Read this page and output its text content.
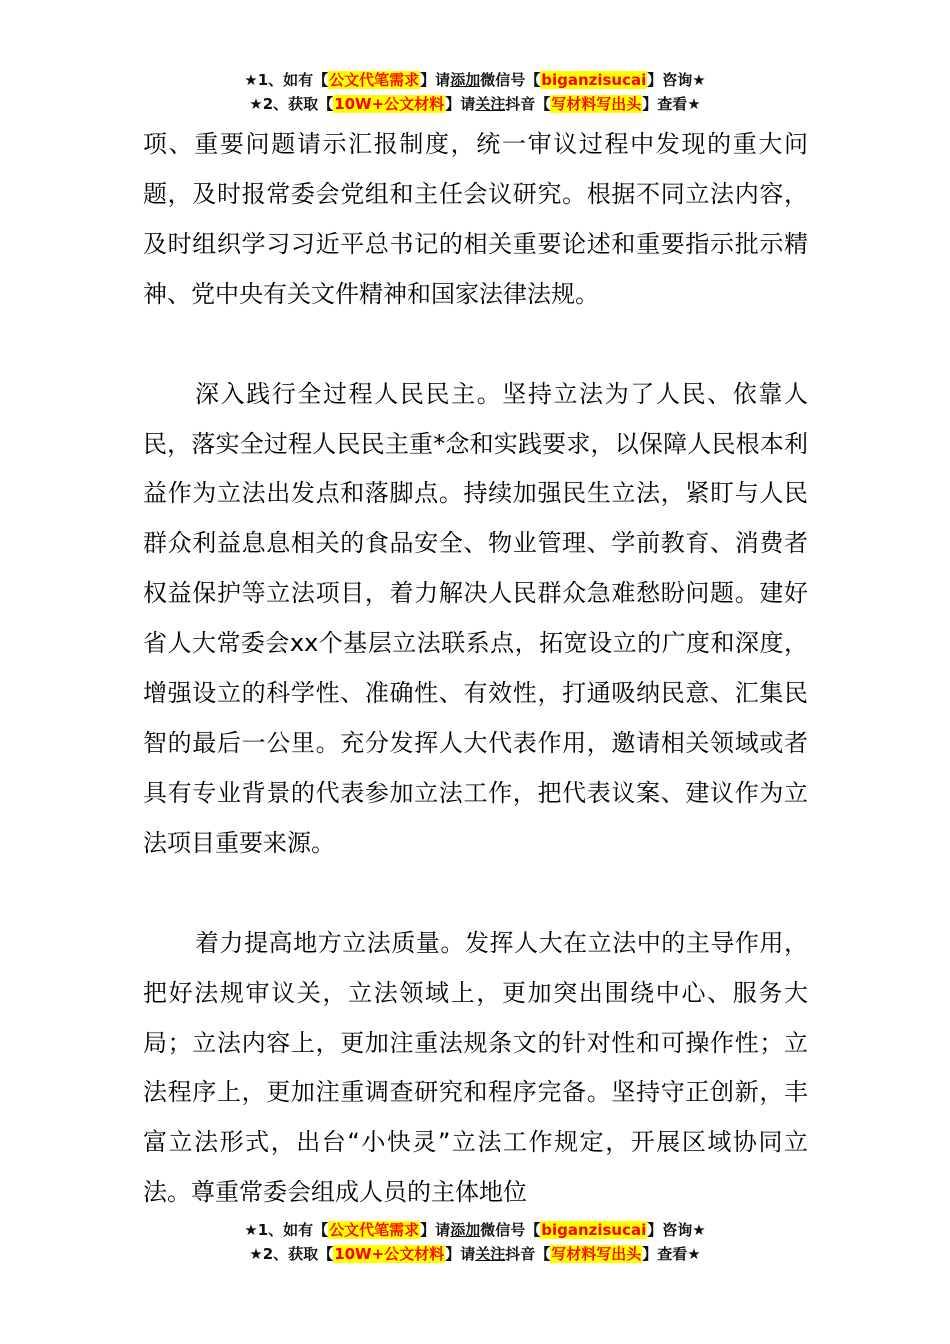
★1、如有【公文代笔需求】请添加微信号【biganzisucai】咨询★
★2、获取【10W+公文材料】请关注抖音【写材料写出头】查看★

项、重要问题请示汇报制度，统一审议过程中发现的重大问题，及时报常委会党组和主任会议研究。根据不同立法内容，及时组织学习习近平总书记的相关重要论述和重要指示批示精神、党中央有关文件精神和国家法律法规。

深入践行全过程人民民主。坚持立法为了人民、依靠人民，落实全过程人民民主重*念和实践要求，以保障人民根本利益作为立法出发点和落脚点。持续加强民生立法，紧盯与人民群众利益息息相关的食品安全、物业管理、学前教育、消费者权益保护等立法项目，着力解决人民群众急难愁盼问题。建好省人大常委会xx个基层立法联系点，拓宽设立的广度和深度，增强设立的科学性、准确性、有效性，打通吸纳民意、汇集民智的最后一公里。充分发挥人大代表作用，邀请相关领域或者具有专业背景的代表参加立法工作，把代表议案、建议作为立法项目重要来源。

着力提高地方立法质量。发挥人大在立法中的主导作用，把好法规审议关，立法领域上，更加突出围绕中心、服务大局；立法内容上，更加注重法规条文的针对性和可操作性；立法程序上，更加注重调查研究和程序完备。坚持守正创新，丰富立法形式，出台“小快灵”立法工作规定，开展区域协同立法。尊重常委会组成人员的主体地位

★1、如有【公文代笔需求】请添加微信号【biganzisucai】咨询★
★2、获取【10W+公文材料】请关注抖音【写材料写出头】查看★
